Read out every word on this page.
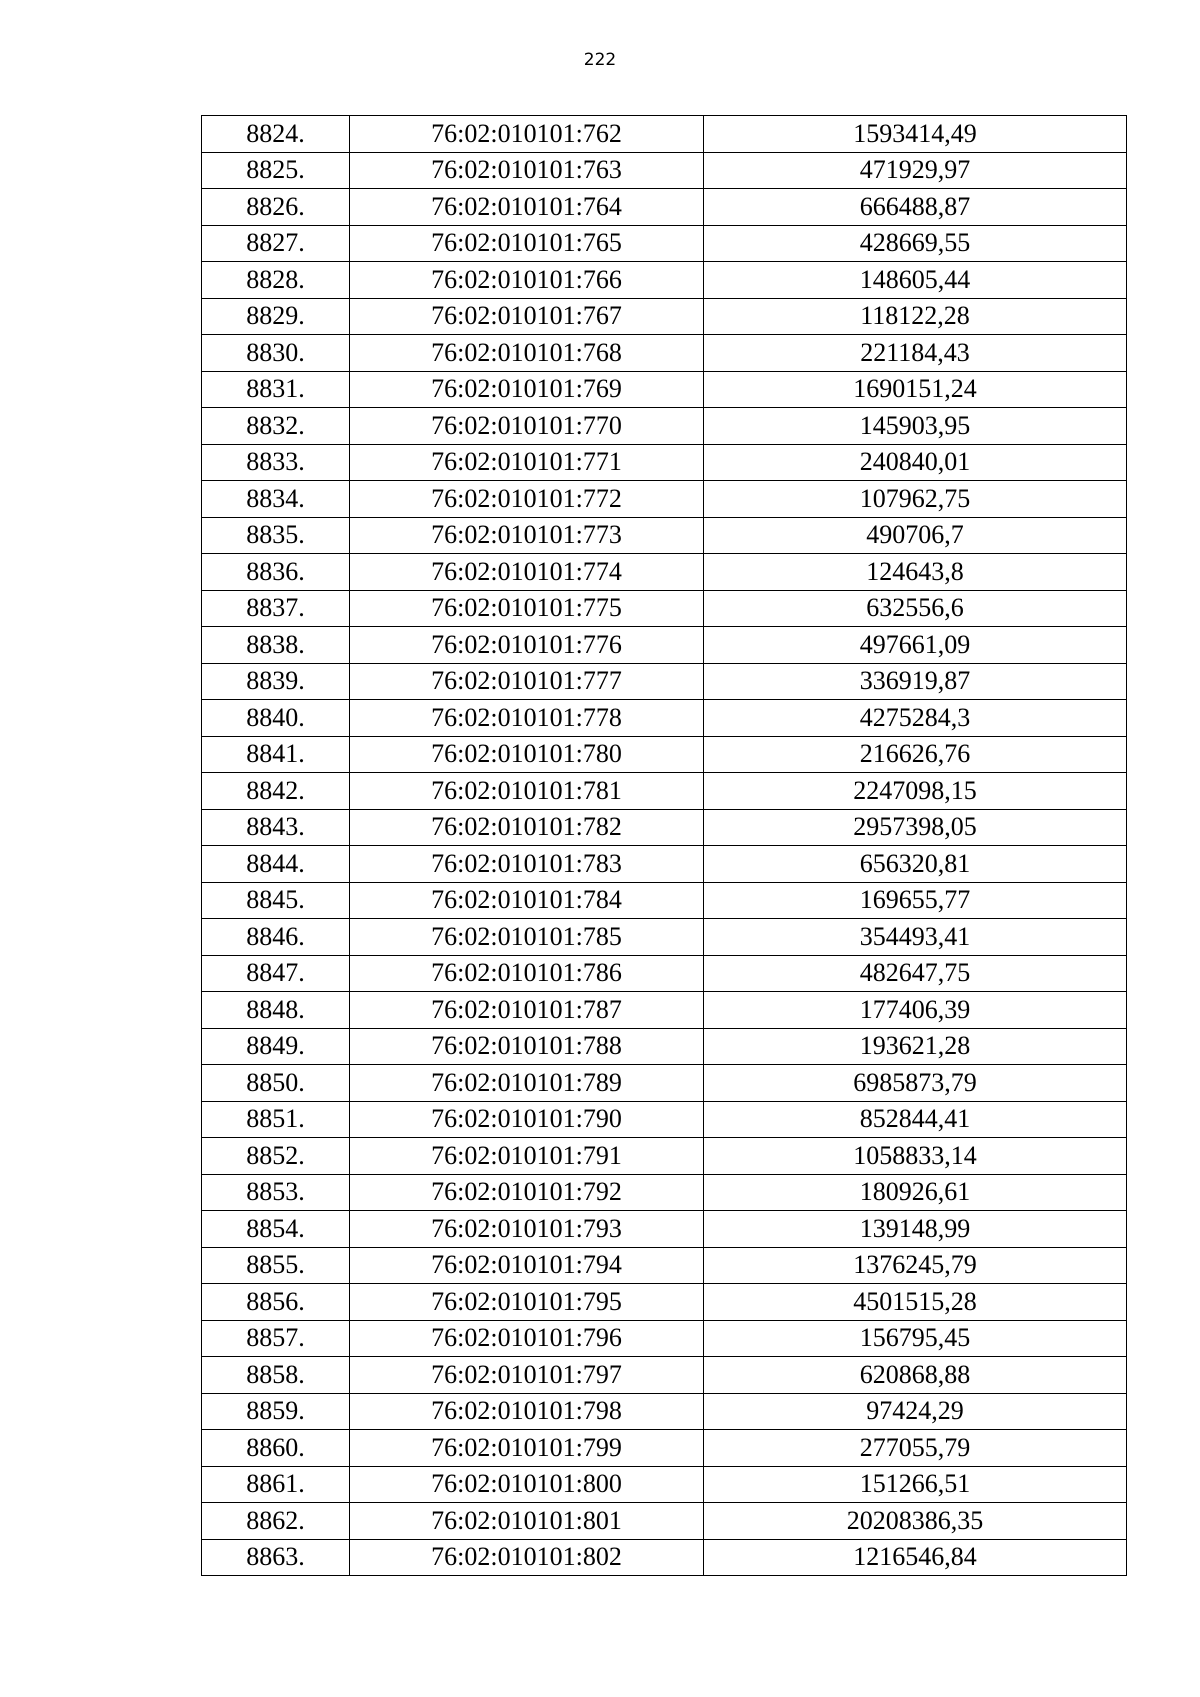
222
8824.	76:02:010101:762	1593414,49
8825.	76:02:010101:763	471929,97
8826.	76:02:010101:764	666488,87
8827.	76:02:010101:765	428669,55
8828.	76:02:010101:766	148605,44
8829.	76:02:010101:767	118122,28
8830.	76:02:010101:768	221184,43
8831.	76:02:010101:769	1690151,24
8832.	76:02:010101:770	145903,95
8833.	76:02:010101:771	240840,01
8834.	76:02:010101:772	107962,75
8835.	76:02:010101:773	490706,7
8836.	76:02:010101:774	124643,8
8837.	76:02:010101:775	632556,6
8838.	76:02:010101:776	497661,09
8839.	76:02:010101:777	336919,87
8840.	76:02:010101:778	4275284,3
8841.	76:02:010101:780	216626,76
8842.	76:02:010101:781	2247098,15
8843.	76:02:010101:782	2957398,05
8844.	76:02:010101:783	656320,81
8845.	76:02:010101:784	169655,77
8846.	76:02:010101:785	354493,41
8847.	76:02:010101:786	482647,75
8848.	76:02:010101:787	177406,39
8849.	76:02:010101:788	193621,28
8850.	76:02:010101:789	6985873,79
8851.	76:02:010101:790	852844,41
8852.	76:02:010101:791	1058833,14
8853.	76:02:010101:792	180926,61
8854.	76:02:010101:793	139148,99
8855.	76:02:010101:794	1376245,79
8856.	76:02:010101:795	4501515,28
8857.	76:02:010101:796	156795,45
8858.	76:02:010101:797	620868,88
8859.	76:02:010101:798	97424,29
8860.	76:02:010101:799	277055,79
8861.	76:02:010101:800	151266,51
8862.	76:02:010101:801	20208386,35
8863.	76:02:010101:802	1216546,84
